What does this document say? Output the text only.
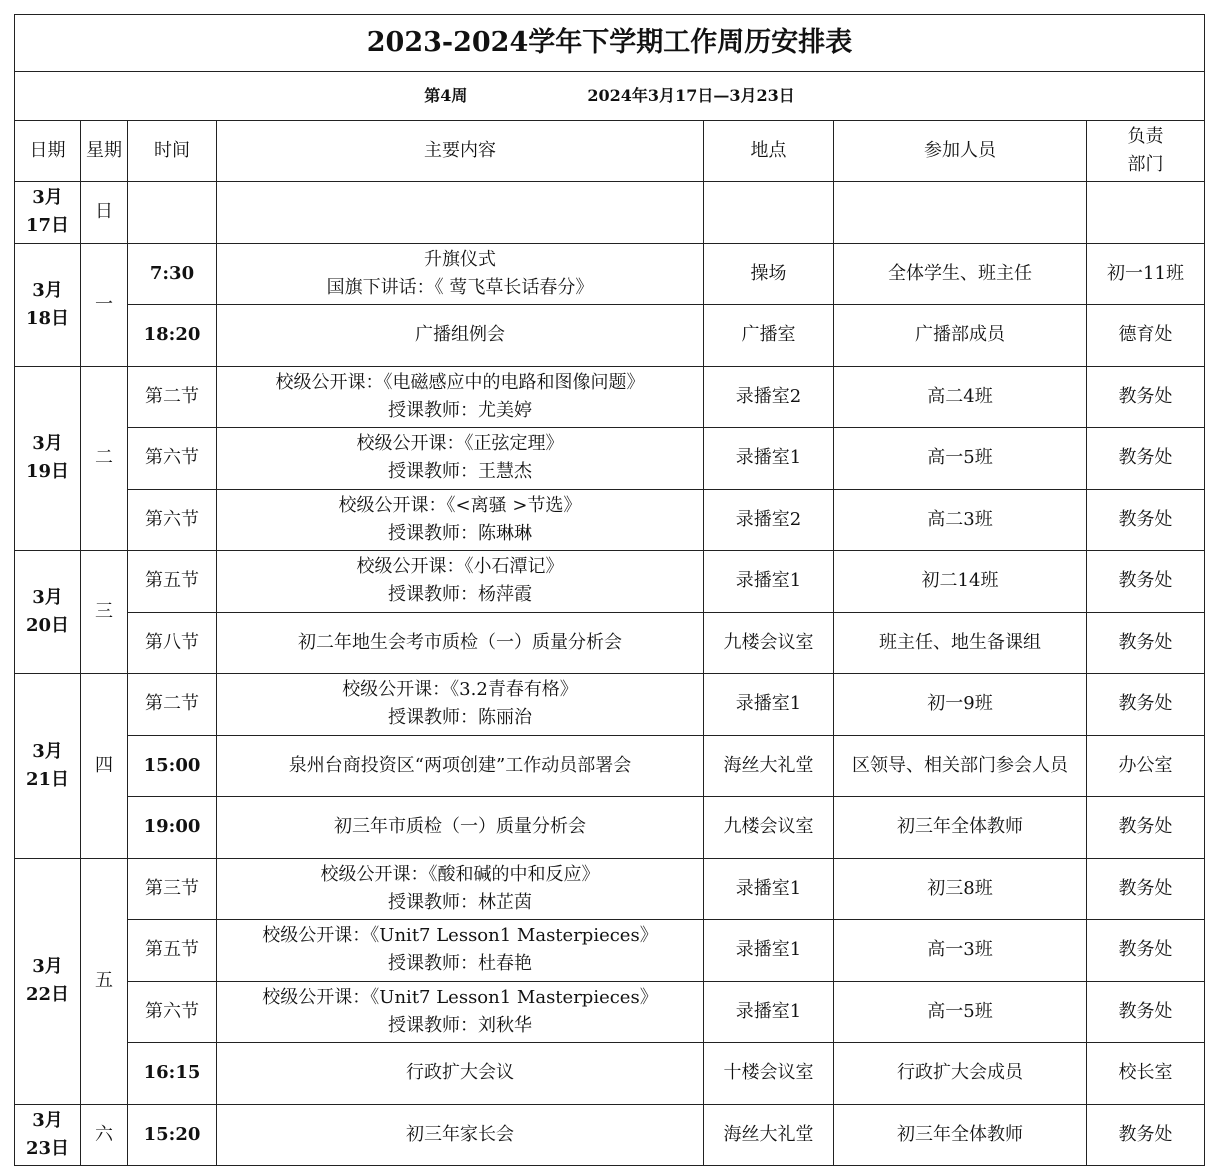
2023-2024学年下学期工作周历安排表						
第4周 2024年3月17日—3月23日						
日期	星期	时间	主要内容	地点	参加人员	负责
部门

3月
17日	日					

3月
18日	一	7:30	升旗仪式
国旗下讲话：《 莺飞草长话春分》	操场	全体学生、班主任	初一11班
		18:20	广播组例会	广播室	广播部成员	德育处

3月
19日	二	第二节	校级公开课：《电磁感应中的电路和图像问题》
授课教师：尤美婷	录播室2	高二4班	教务处
		第六节	校级公开课：《正弦定理》
授课教师：王慧杰	录播室1	高一5班	教务处
		第六节	校级公开课：《<离骚 >节选》
授课教师：陈琳琳	录播室2	高二3班	教务处

3月
20日	三	第五节	校级公开课：《小石潭记》
授课教师：杨萍霞	录播室1	初二14班	教务处
		第八节	初二年地生会考市质检（一）质量分析会	九楼会议室	班主任、地生备课组	教务处

3月
21日	四	第二节	校级公开课：《3.2青春有格》
授课教师：陈丽治	录播室1	初一9班	教务处
		15:00	泉州台商投资区“两项创建”工作动员部署会	海丝大礼堂	区领导、相关部门参会人员	办公室
		19:00	初三年市质检（一）质量分析会	九楼会议室	初三年全体教师	教务处

3月
22日	五	第三节	校级公开课：《酸和碱的中和反应》
授课教师：林芷茵	录播室1	初三8班	教务处
		第五节	校级公开课：《Unit7 Lesson1 Masterpieces》
授课教师：杜春艳	录播室1	高一3班	教务处
		第六节	校级公开课：《Unit7 Lesson1 Masterpieces》
授课教师：刘秋华	录播室1	高一5班	教务处
		16:15	行政扩大会议	十楼会议室	行政扩大会成员	校长室

3月
23日	六	15:20	初三年家长会	海丝大礼堂	初三年全体教师	教务处
